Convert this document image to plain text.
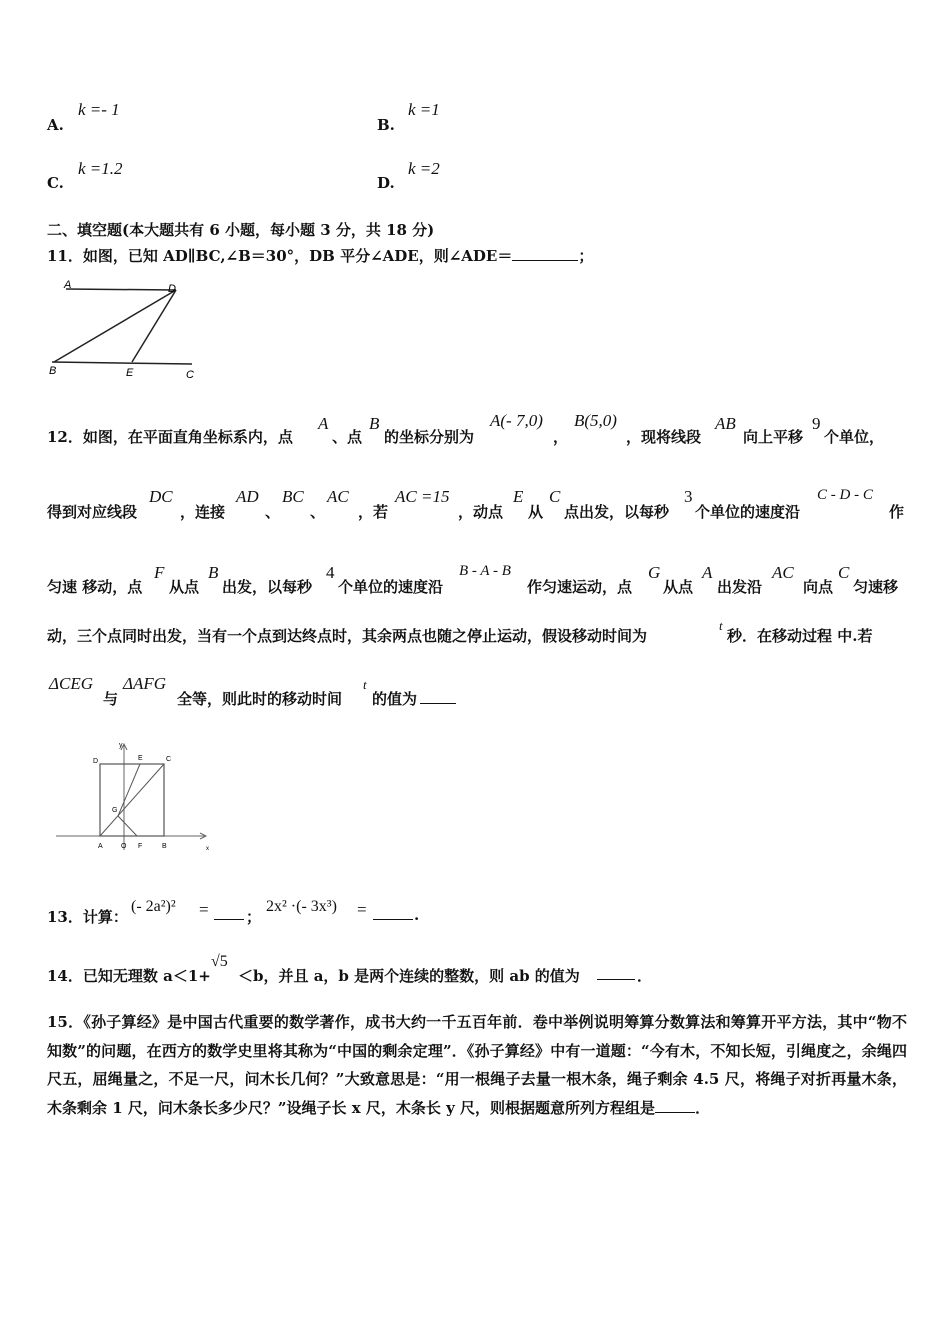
A.
k =- 1
B.
k =1
C.
k =1.2
D.
k =2
二、填空题(本大题共有 6 小题，每小题 3 分，共 18 分)
11．如图，已知 AD∥BC,∠B＝30°，DB 平分∠ADE，则∠ADE＝	；
A	D
B	E	C
12．如图，在平面直角坐标系内，点
A
、点
B
的坐标分别为
A(- 7,0)
，
B(5,0)
，现将线段
AB
向上平移
9
个单位，
得到对应线段
DC
，连接
AD
、
BC
、
AC
，若
AC =15
，动点
E
从
C
点出发，以每秒
3
个单位的速度沿
C - D - C
作
匀速 移动，点
F
从点
B
出发，以每秒
4
个单位的速度沿
B - A - B
作匀速运动，点
G
从点
A
出发沿
AC
向点
C
匀速移
动，三个点同时出发，当有一个点到达终点时，其余两点也随之停止运动，假设移动时间为
t
秒．在移动过程 中.若
ΔCEG
与
ΔAFG
全等，则此时的移动时间
t
的值为
y
D	E	C
G
A	O F	B	x
13．计算：
(- 2a²)² = ；
2x² ·(- 3x³) =	.
14．已知无理数 a＜1+
√5
＜b，并且 a，b 是两个连续的整数，则 ab 的值为	．
15．《孙子算经》是中国古代重要的数学著作，成书大约一千五百年前．卷中举例说明筹算分数算法和筹算开平方法，其中“物不知数”的问题，在西方的数学史里将其称为“中国的剩余定理”．《孙子算经》中有一道题：“今有木，不知长短，引绳度之，余绳四尺五，屈绳量之，不足一尺，问木长几何？”大致意思是：“用一根绳子去量一根木条，绳子剩余 4.5 尺，将绳子对折再量木条，木条剩余 1 尺，问木条长多少尺？”设绳子长 x 尺，木条长 y 尺，则根据题意所列方程组是	．
